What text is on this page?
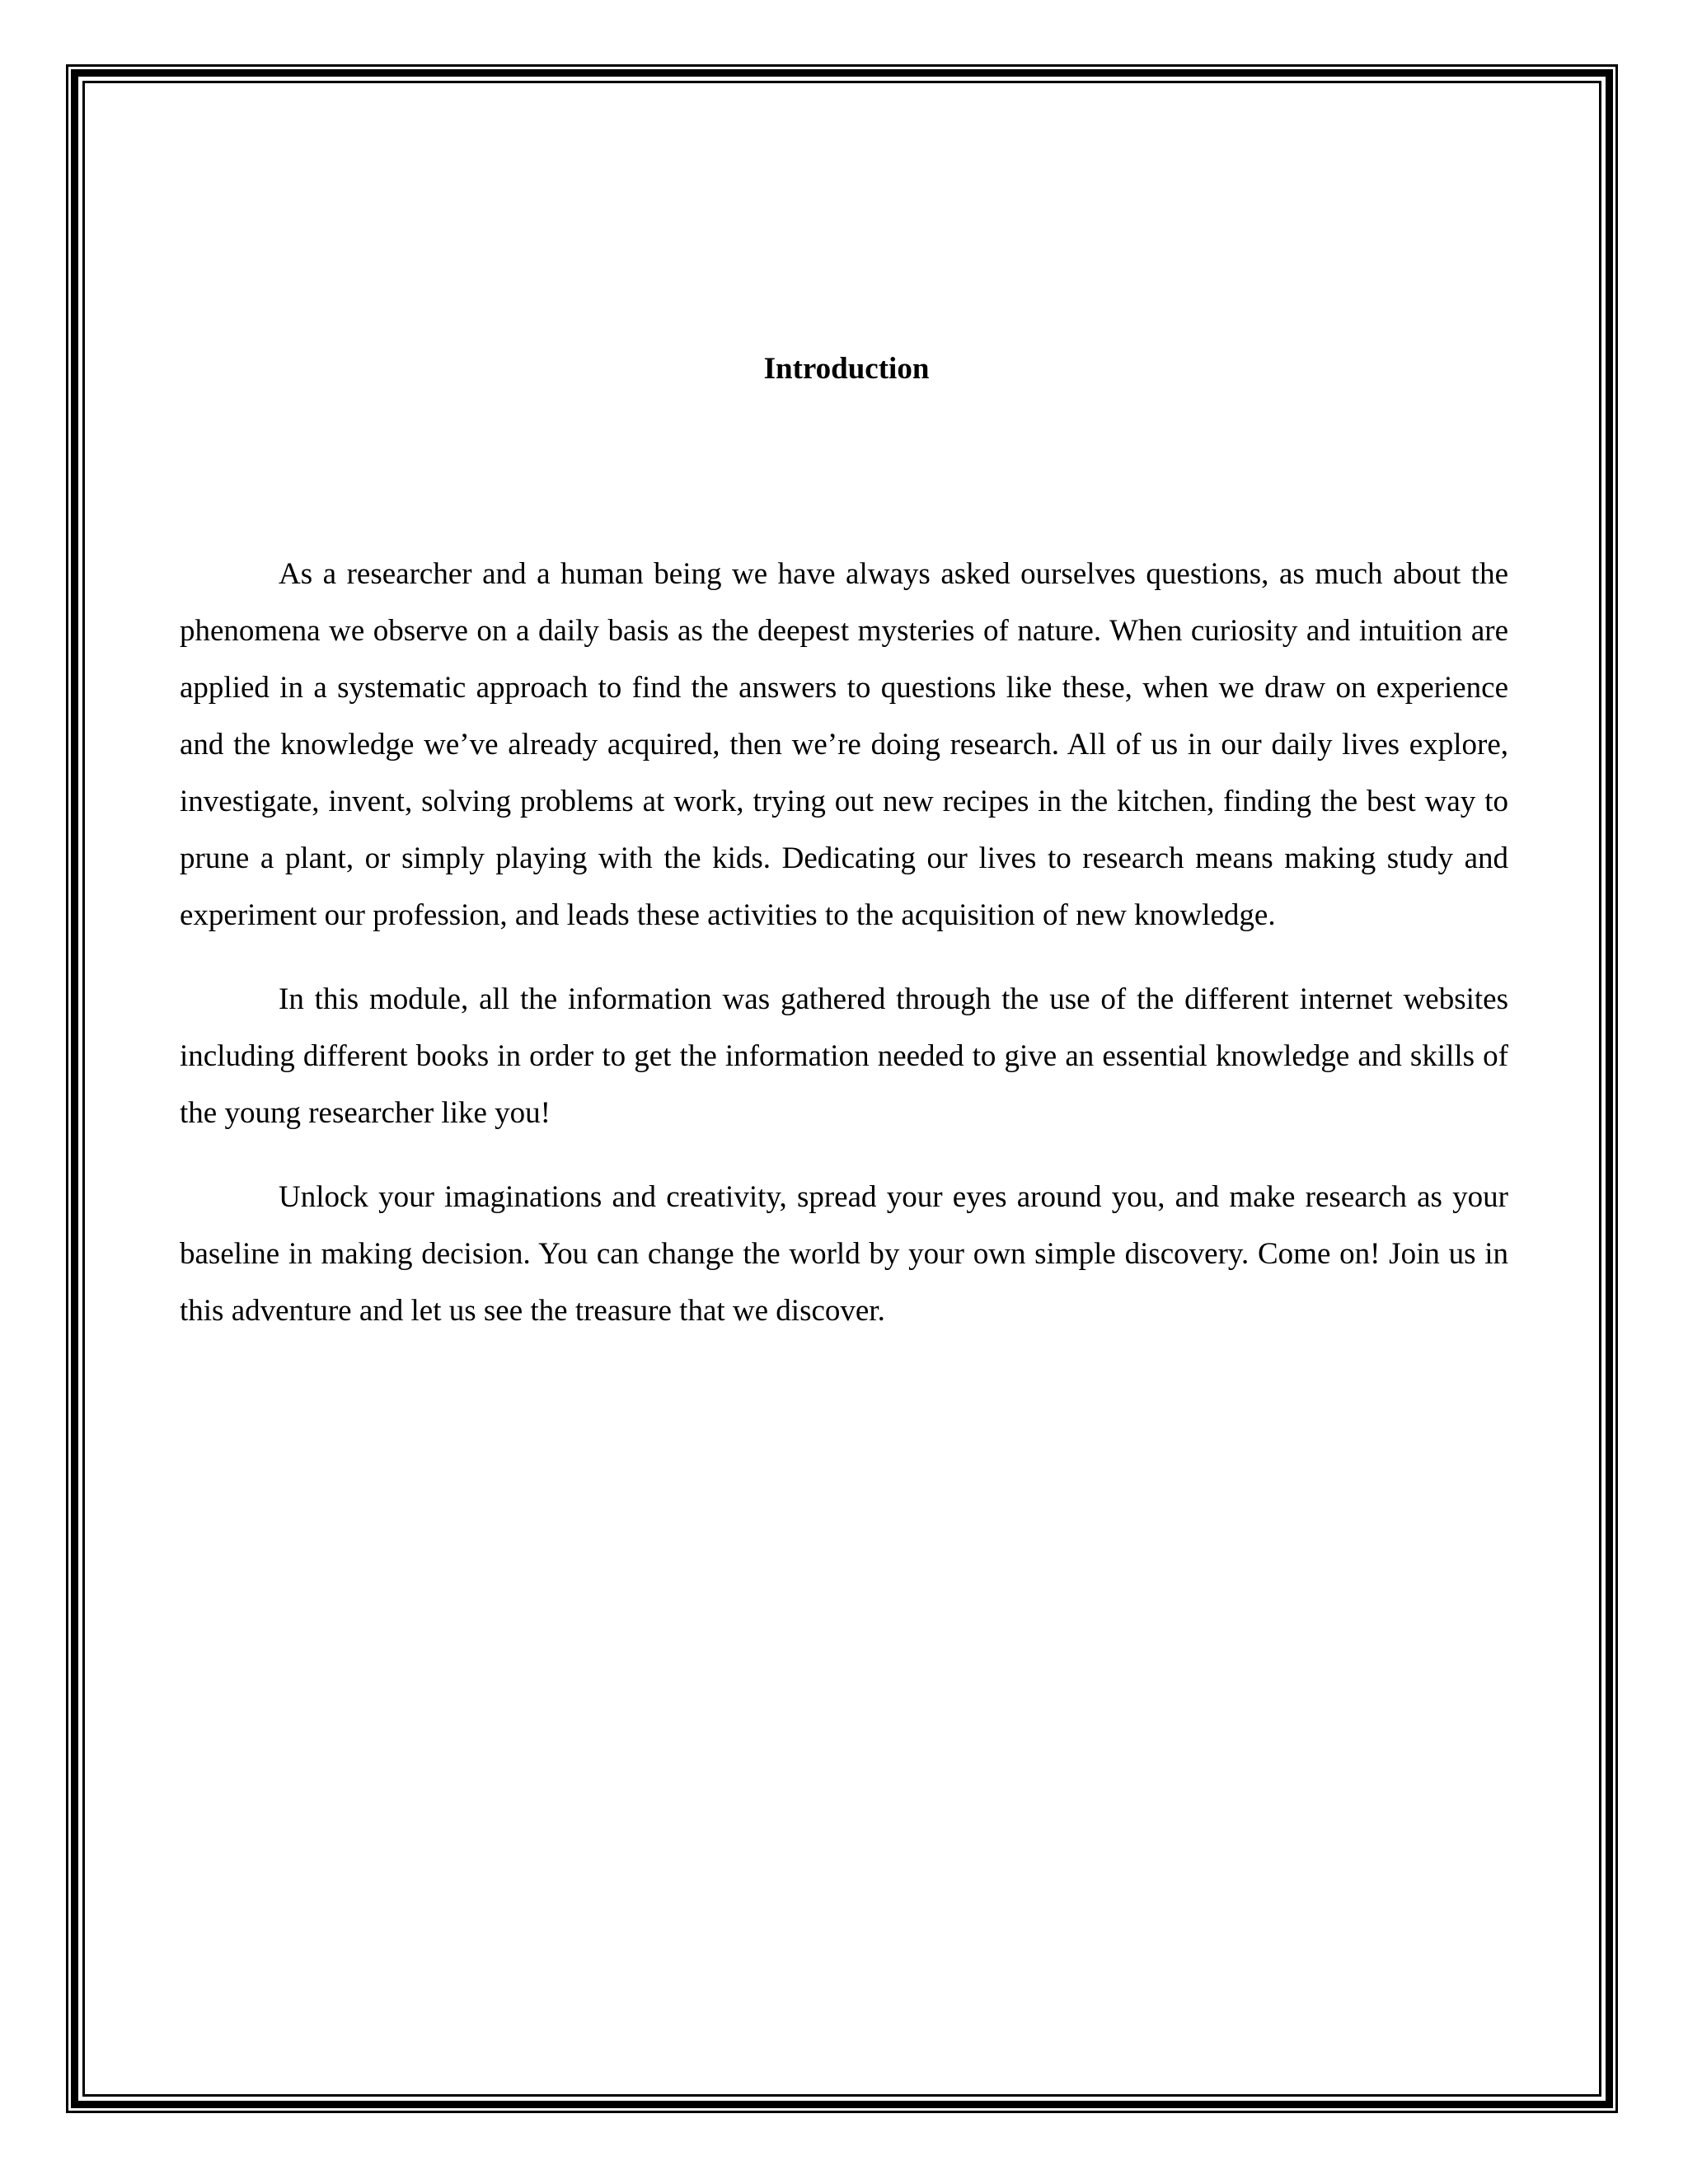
Introduction

As a researcher and a human being we have always asked ourselves questions, as much about the phenomena we observe on a daily basis as the deepest mysteries of nature. When curiosity and intuition are applied in a systematic approach to find the answers to questions like these, when we draw on experience and the knowledge we’ve already acquired, then we’re doing research. All of us in our daily lives explore, investigate, invent, solving problems at work, trying out new recipes in the kitchen, finding the best way to prune a plant, or simply playing with the kids. Dedicating our lives to research means making study and experiment our profession, and leads these activities to the acquisition of new knowledge.

In this module, all the information was gathered through the use of the different internet websites including different books in order to get the information needed to give an essential knowledge and skills of the young researcher like you!

Unlock your imaginations and creativity, spread your eyes around you, and make research as your baseline in making decision. You can change the world by your own simple discovery. Come on! Join us in this adventure and let us see the treasure that we discover.
